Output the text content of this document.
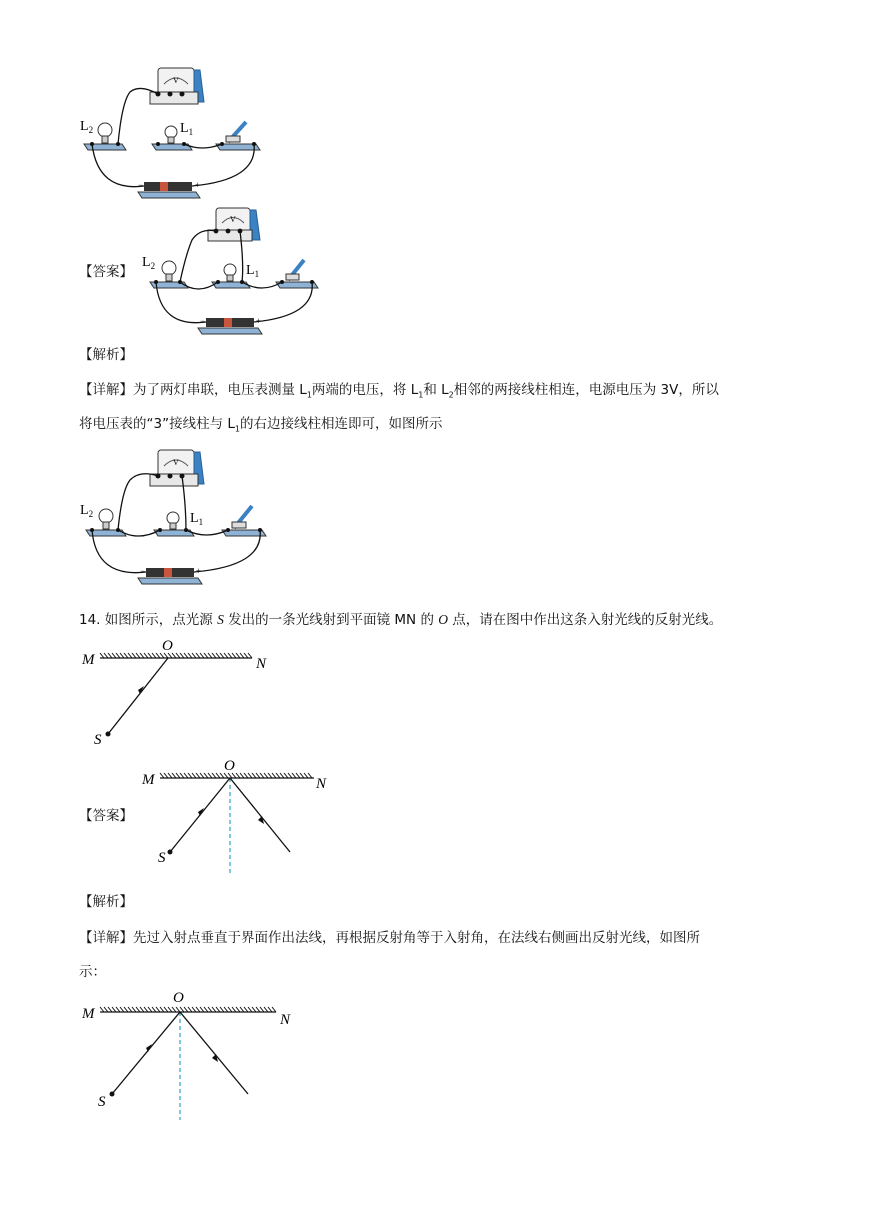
V
$L_2$	$L_1$
−	+
【答案】
V
$L_2$	$L_1$
−	+
【解析】
【详解】为了两灯串联，电压表测量 $L_1$两端的电压，将 $L_1$和 $L_2$相邻的两接线柱相连，电源电压为 3V，所以
将电压表的“3”接线柱与 $L_1$的右边接线柱相连即可，如图所示
V
$L_2$	$L_1$
−	+
14. 如图所示，点光源 S 发出的一条光线射到平面镜 MN 的 O 点，请在图中作出这条入射光线的反射光线。
M	N
O
S
【答案】
M	N
O
S
【解析】
【详解】先过入射点垂直于界面作出法线，再根据反射角等于入射角，在法线右侧画出反射光线，如图所
示：
M	N
O
S
